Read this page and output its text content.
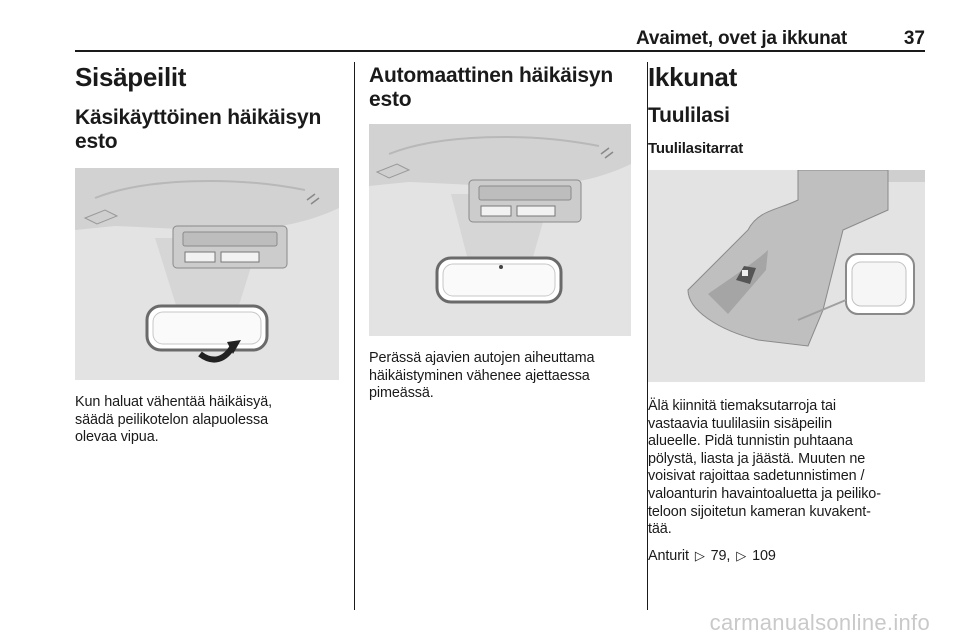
Avaimet, ovet ja ikkunat	37
Sisäpeilit
Käsikäyttöinen häikäisyn
esto
Kun haluat vähentää häikäisyä,
säädä peilikotelon alapuolessa
olevaa vipua.
Automaattinen häikäisyn
esto
Perässä ajavien autojen aiheuttama
häikäistyminen vähenee ajettaessa
pimeässä.
Ikkunat
Tuulilasi
Tuulilasitarrat
Älä kiinnitä tiemaksutarroja tai
vastaavia tuulilasiin sisäpeilin
alueelle. Pidä tunnistin puhtaana
pölystä, liasta ja jäästä. Muuten ne
voisivat rajoittaa sadetunnistimen /
valoanturin havaintoaluetta ja peiliko-
teloon sijoitetun kameran kuvakent-
tää.
Anturit ▷ 79, ▷ 109
carmanualsonline.info
